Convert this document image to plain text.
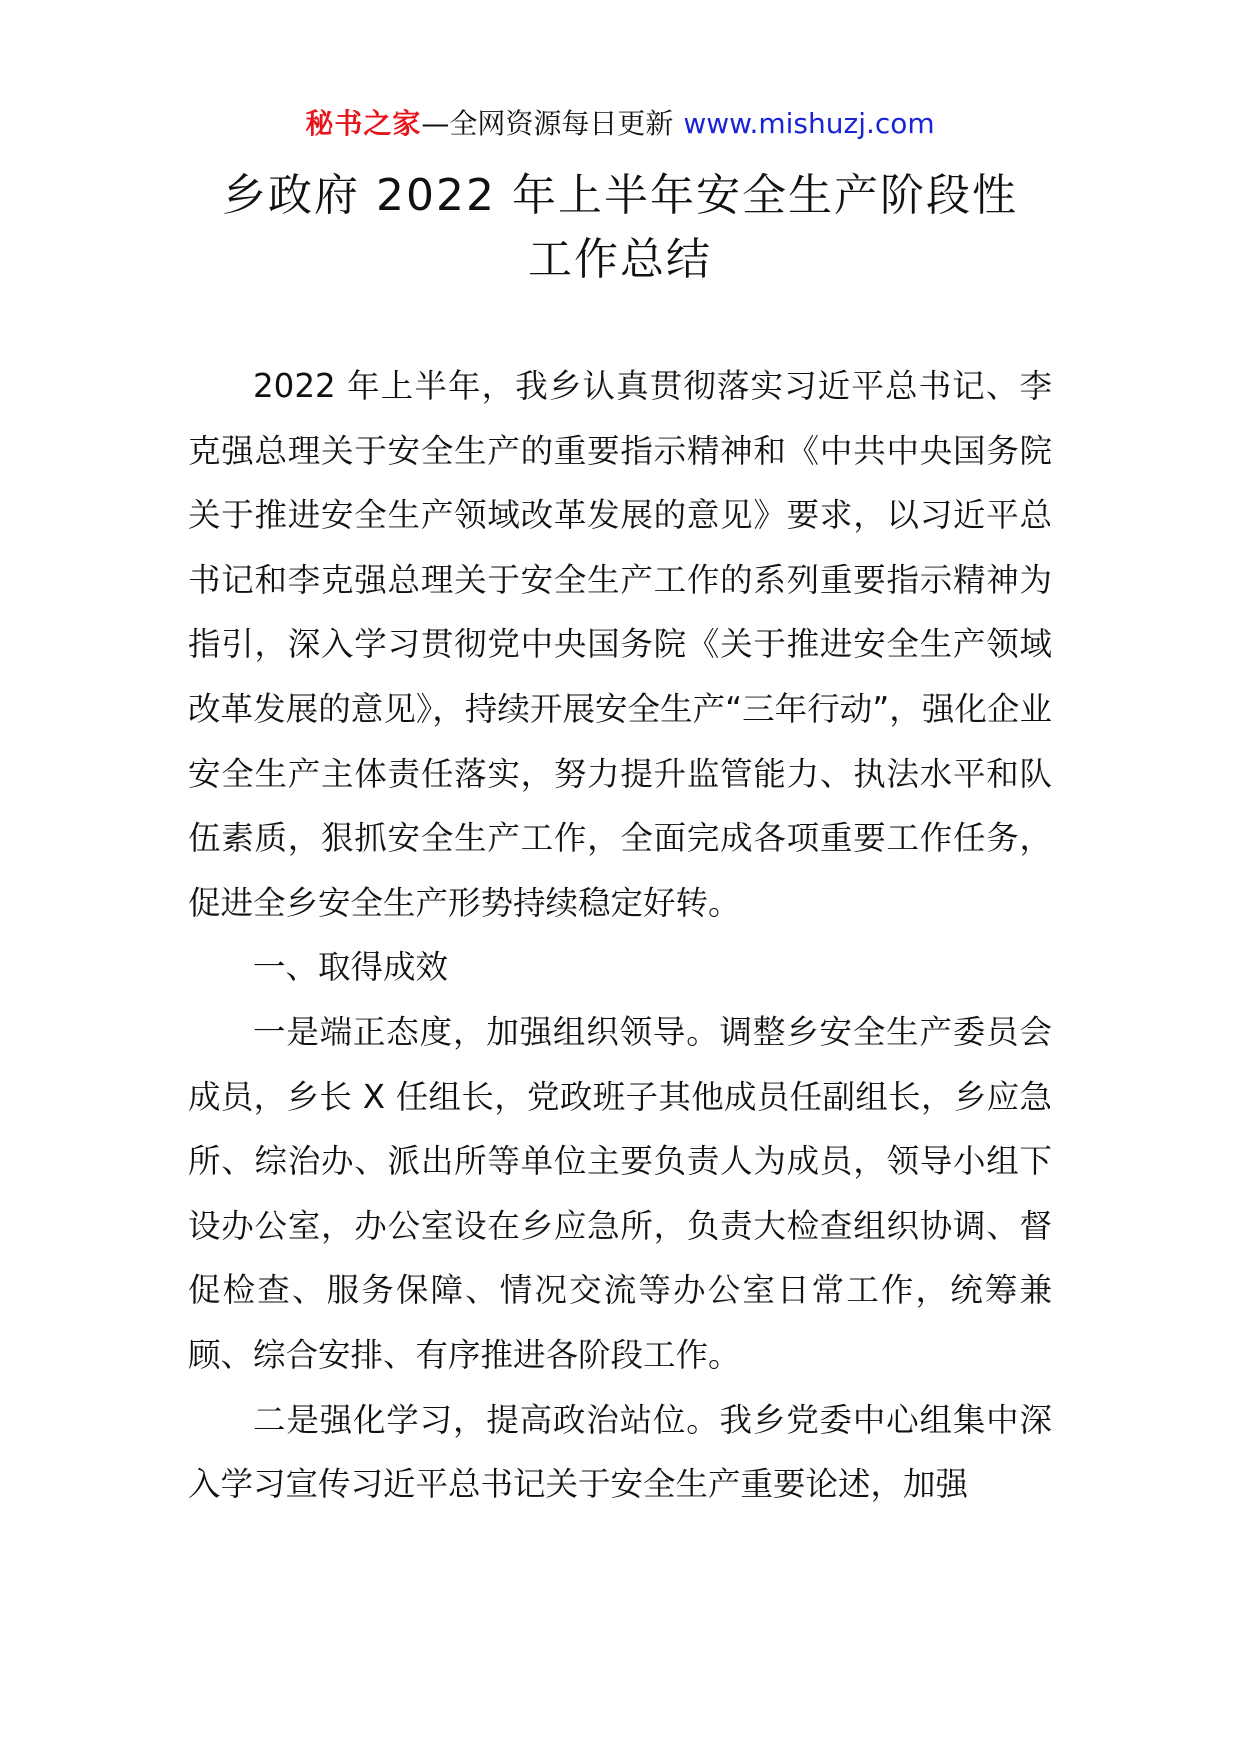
秘书之家—全网资源每日更新 www.mishuzj.com
乡政府 2022 年上半年安全生产阶段性
工作总结

2022 年上半年，我乡认真贯彻落实习近平总书记、李克强总理关于安全生产的重要指示精神和《中共中央国务院关于推进安全生产领域改革发展的意见》要求，以习近平总书记和李克强总理关于安全生产工作的系列重要指示精神为指引，深入学习贯彻党中央国务院《关于推进安全生产领域改革发展的意见》，持续开展安全生产“三年行动”，强化企业安全生产主体责任落实，努力提升监管能力、执法水平和队伍素质，狠抓安全生产工作，全面完成各项重要工作任务，促进全乡安全生产形势持续稳定好转。

一、取得成效

一是端正态度，加强组织领导。调整乡安全生产委员会成员，乡长 X 任组长，党政班子其他成员任副组长，乡应急所、综治办、派出所等单位主要负责人为成员，领导小组下设办公室，办公室设在乡应急所，负责大检查组织协调、督促检查、服务保障、情况交流等办公室日常工作，统筹兼顾、综合安排、有序推进各阶段工作。

二是强化学习，提高政治站位。我乡党委中心组集中深入学习宣传习近平总书记关于安全生产重要论述，加强
